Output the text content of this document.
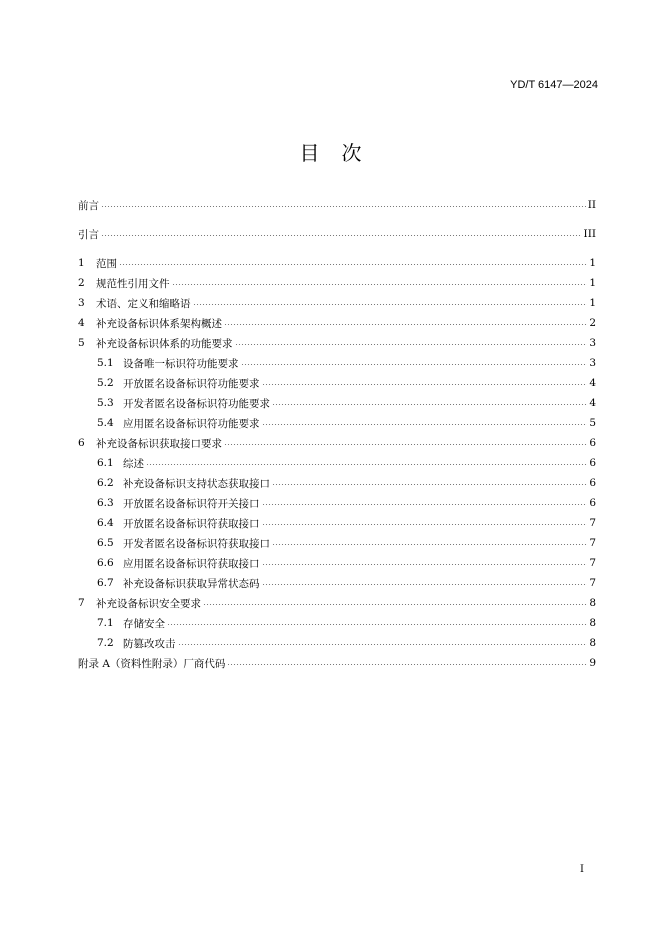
YD/T 6147—2024
目　次
前言	II
引言	III
1	范围	1
2	规范性引用文件	1
3	术语、定义和缩略语	1
4	补充设备标识体系架构概述	2
5	补充设备标识体系的功能要求	3
5.1 设备唯一标识符功能要求	3
5.2 开放匿名设备标识符功能要求	4
5.3 开发者匿名设备标识符功能要求	4
5.4 应用匿名设备标识符功能要求	5
6	补充设备标识获取接口要求	6
6.1 综述	6
6.2 补充设备标识支持状态获取接口	6
6.3 开放匿名设备标识符开关接口	6
6.4 开放匿名设备标识符获取接口	7
6.5 开发者匿名设备标识符获取接口	7
6.6 应用匿名设备标识符获取接口	7
6.7 补充设备标识获取异常状态码	7
7	补充设备标识安全要求	8
7.1 存储安全	8
7.2 防篡改攻击	8
附录 A（资料性附录）厂商代码	9
I
